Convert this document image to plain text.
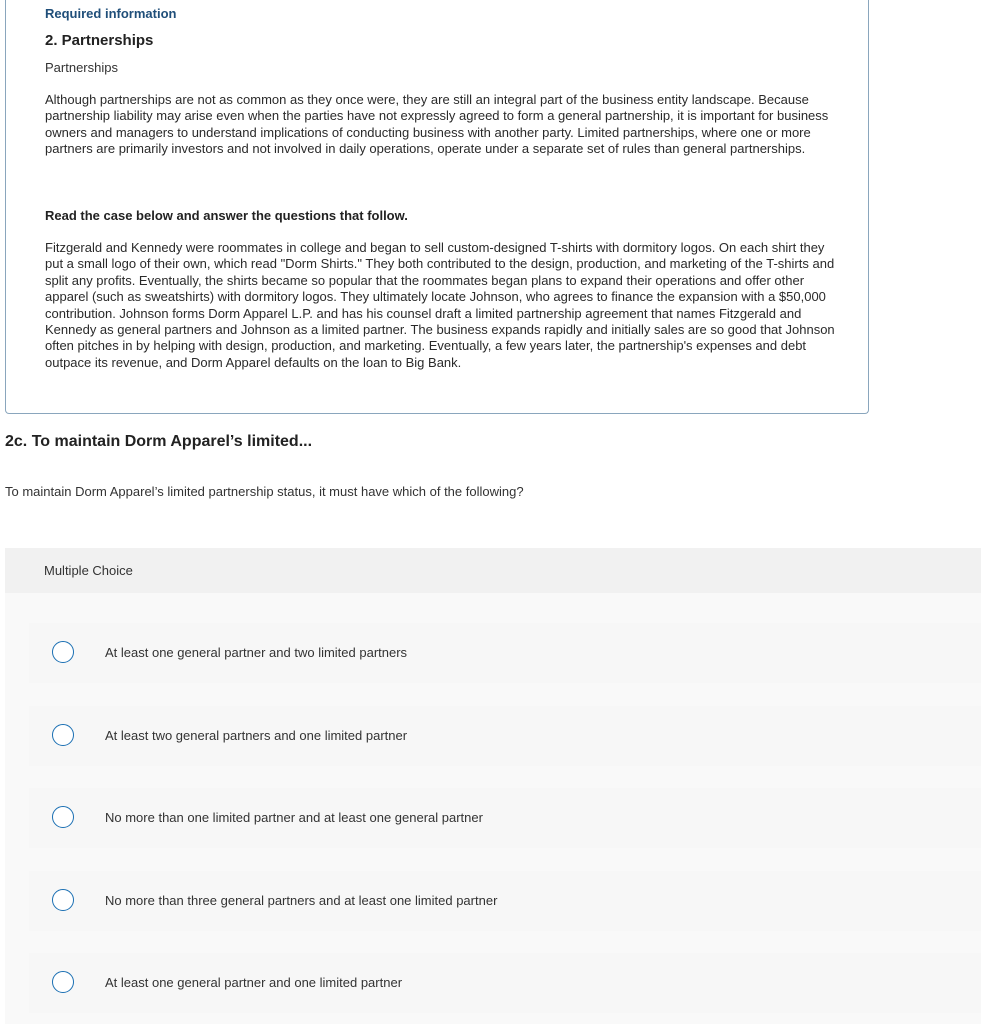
Required information
2. Partnerships
Partnerships

Although partnerships are not as common as they once were, they are still an integral part of the business entity landscape. Because partnership liability may arise even when the parties have not expressly agreed to form a general partnership, it is important for business owners and managers to understand implications of conducting business with another party. Limited partnerships, where one or more partners are primarily investors and not involved in daily operations, operate under a separate set of rules than general partnerships.

Read the case below and answer the questions that follow.

Fitzgerald and Kennedy were roommates in college and began to sell custom-designed T-shirts with dormitory logos. On each shirt they put a small logo of their own, which read "Dorm Shirts." They both contributed to the design, production, and marketing of the T-shirts and split any profits. Eventually, the shirts became so popular that the roommates began plans to expand their operations and offer other apparel (such as sweatshirts) with dormitory logos. They ultimately locate Johnson, who agrees to finance the expansion with a $50,000 contribution. Johnson forms Dorm Apparel L.P. and has his counsel draft a limited partnership agreement that names Fitzgerald and Kennedy as general partners and Johnson as a limited partner. The business expands rapidly and initially sales are so good that Johnson often pitches in by helping with design, production, and marketing. Eventually, a few years later, the partnership's expenses and debt outpace its revenue, and Dorm Apparel defaults on the loan to Big Bank.

2c. To maintain Dorm Apparel’s limited...
To maintain Dorm Apparel’s limited partnership status, it must have which of the following?
Multiple Choice
At least one general partner and two limited partners
At least two general partners and one limited partner
No more than one limited partner and at least one general partner
No more than three general partners and at least one limited partner
At least one general partner and one limited partner
